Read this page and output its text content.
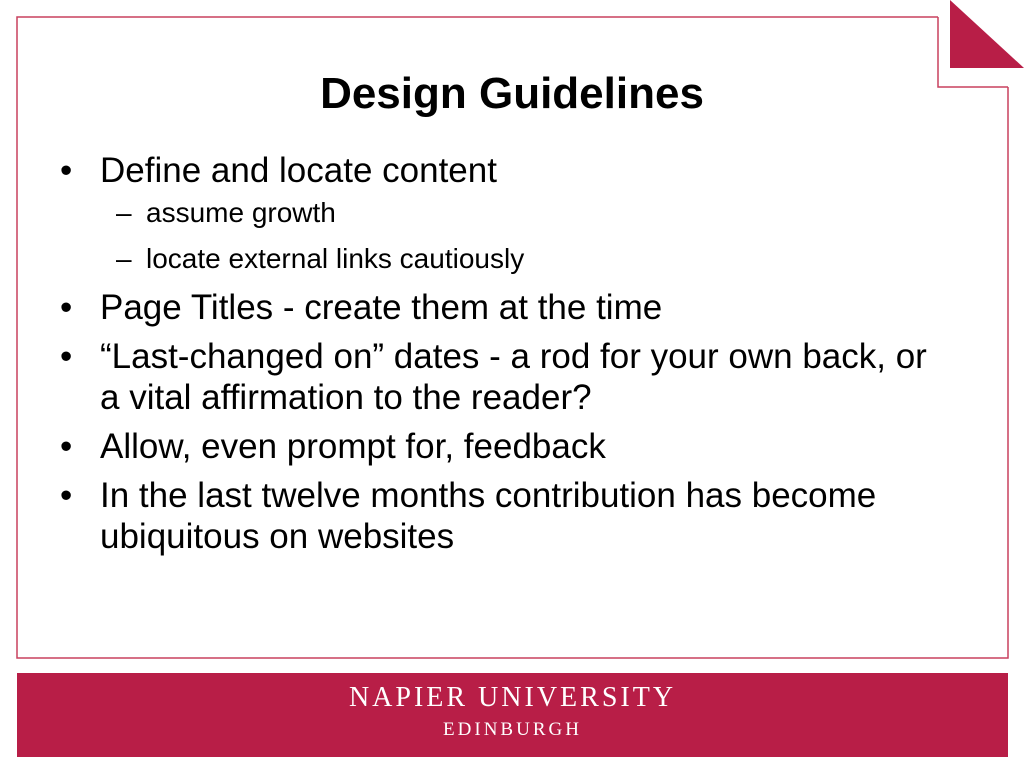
Design Guidelines
• Define and locate content
– assume growth
– locate external links cautiously
• Page Titles - create them at the time
• “Last-changed on” dates - a rod for your own back, or a vital affirmation to the reader?
• Allow, even prompt for, feedback
• In the last twelve months contribution has become ubiquitous on websites
NAPIER UNIVERSITY
EDINBURGH
